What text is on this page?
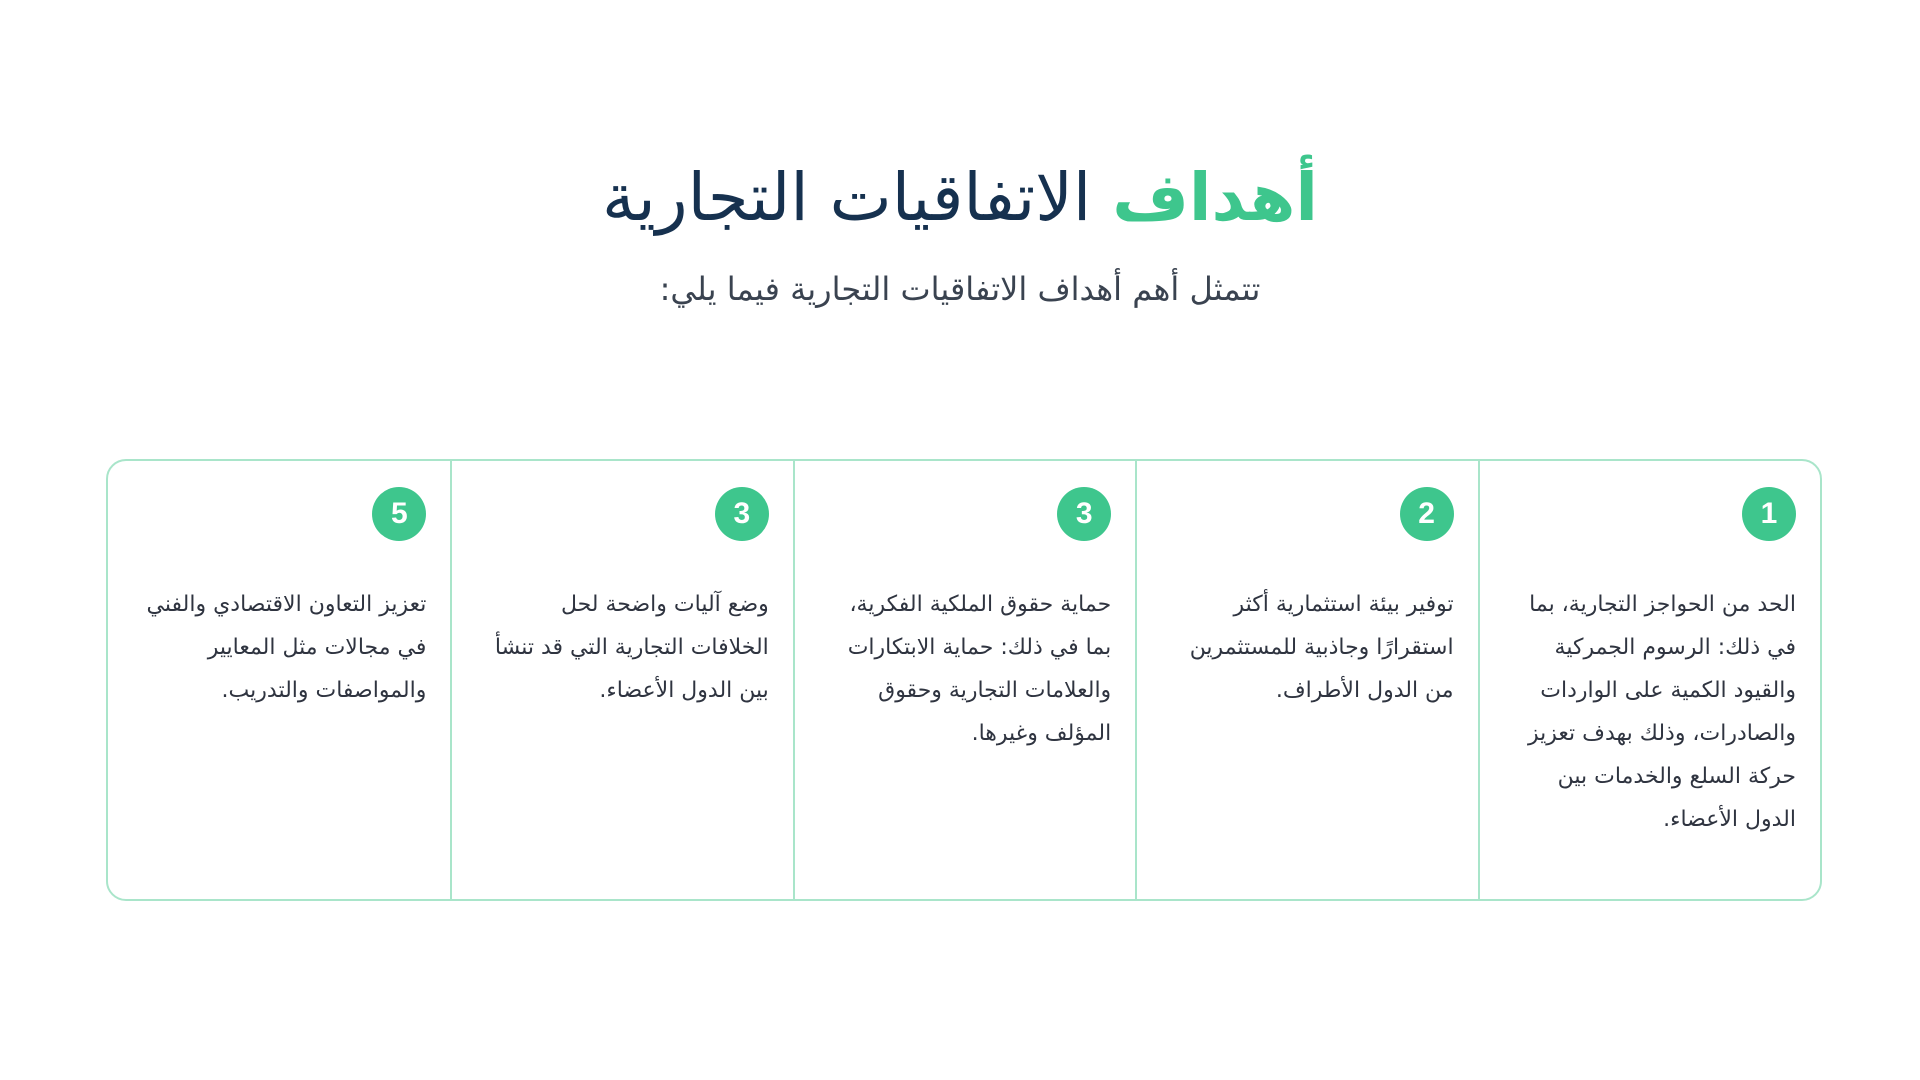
أهداف الاتفاقيات التجارية
تتمثل أهم أهداف الاتفاقيات التجارية فيما يلي:
1
الحد من الحواجز التجارية، بما في ذلك: الرسوم الجمركية والقيود الكمية على الواردات والصادرات، وذلك بهدف تعزيز حركة السلع والخدمات بين الدول الأعضاء.
2
توفير بيئة استثمارية أكثر استقرارًا وجاذبية للمستثمرين من الدول الأطراف.
3
حماية حقوق الملكية الفكرية، بما في ذلك: حماية الابتكارات والعلامات التجارية وحقوق المؤلف وغيرها.
3
وضع آليات واضحة لحل الخلافات التجارية التي قد تنشأ بين الدول الأعضاء.
5
تعزيز التعاون الاقتصادي والفني في مجالات مثل المعايير والمواصفات والتدريب.
